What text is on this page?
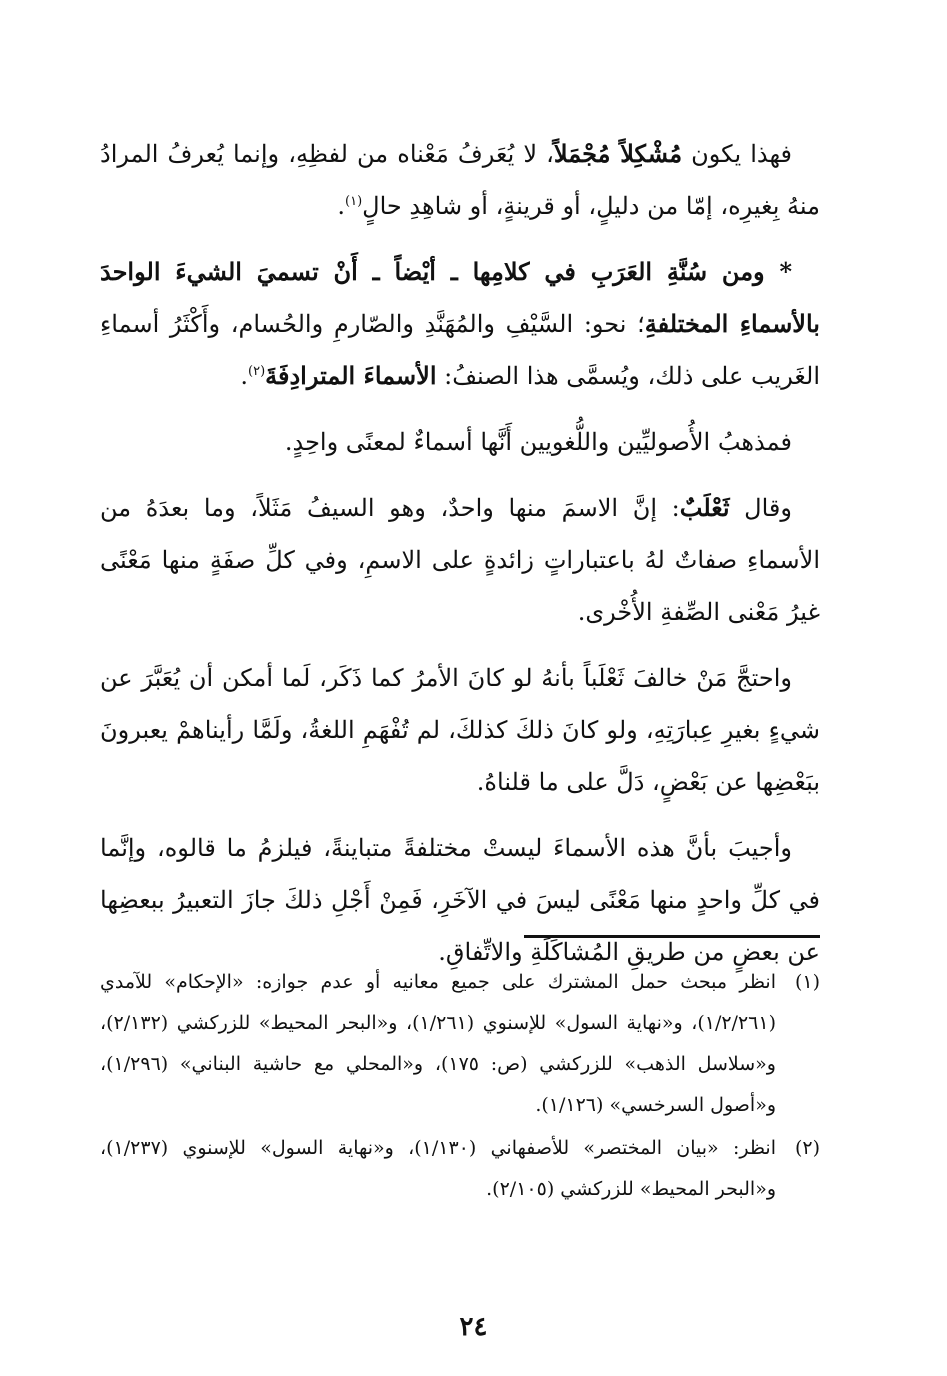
فهذا يكون مُشْكِلاً مُجْمَلاً، لا يُعَرفُ مَعْناه من لفظِهِ، وإنما يُعرفُ المرادُ منهُ بِغيرِه، إمّا من دليلٍ، أو قرينةٍ، أو شاهِدِ حالٍ$^{(١)}$.

* ومن سُنَّةِ العَرَبِ في كلامِها ـ أيْضاً ـ أَنْ تسميَ الشيءَ الواحدَ بالأسماءِ المختلفةِ؛ نحو: السَّيْفِ والمُهَنَّدِ والصّارمِ والحُسام، وأَكْثَرُ أسماءِ الغَريب على ذلك، ويُسمَّى هذا الصنفُ: الأسماءَ المترادِفَةَ$^{(٢)}$.

فمذهبُ الأُصوليِّين واللُّغويين أَنَّها أسماءٌ لمعنًى واحِدٍ.

وقال ثَعْلَبٌ: إنَّ الاسمَ منها واحدٌ، وهو السيفُ مَثَلاً، وما بعدَهُ من الأسماءِ صفاتٌ لهُ باعتباراتٍ زائدةٍ على الاسمِ، وفي كلِّ صفَةٍ منها مَعْنًى غيرُ مَعْنى الصِّفةِ الأُخْرى.

واحتجَّ مَنْ خالفَ ثَعْلَباً بأنهُ لو كانَ الأمرُ كما ذَكَر، لَما أمكن أن يُعَبَّرَ عن شيءٍ بغيرِ عِبارَتِهِ، ولو كانَ ذلكَ كذلكَ، لم تُفْهَمِ اللغةُ، ولَمَّا رأيناهمْ يعبرونَ ببَعْضِها عن بَعْضٍ، دَلَّ على ما قلناهُ.

وأجيبَ بأنَّ هذه الأسماءَ ليستْ مختلفةً متباينةً، فيلزمُ ما قالوه، وإنَّما في كلِّ واحدٍ منها مَعْنًى ليسَ في الآخَرِ، فَمِنْ أَجْلِ ذلكَ جازَ التعبيرُ ببعضِها عن بعضٍ من طريقِ المُشاكَلَةِ والاتِّفاقِ.

(١)
انظر مبحث حمل المشترك على جميع معانيه أو عدم جوازه: «الإحكام» للآمدي (١/٢/٢٦١)، و«نهاية السول» للإسنوي (١/٢٦١)، و«البحر المحيط» للزركشي (٢/١٣٢)، و«سلاسل الذهب» للزركشي (ص: ١٧٥)، و«المحلي مع حاشية البناني» (١/٢٩٦)، و«أصول السرخسي» (١/١٢٦).
(٢)
انظر: «بيان المختصر» للأصفهاني (١/١٣٠)، و«نهاية السول» للإسنوي (١/٢٣٧)، و«البحر المحيط» للزركشي (٢/١٠٥).
٢٤
